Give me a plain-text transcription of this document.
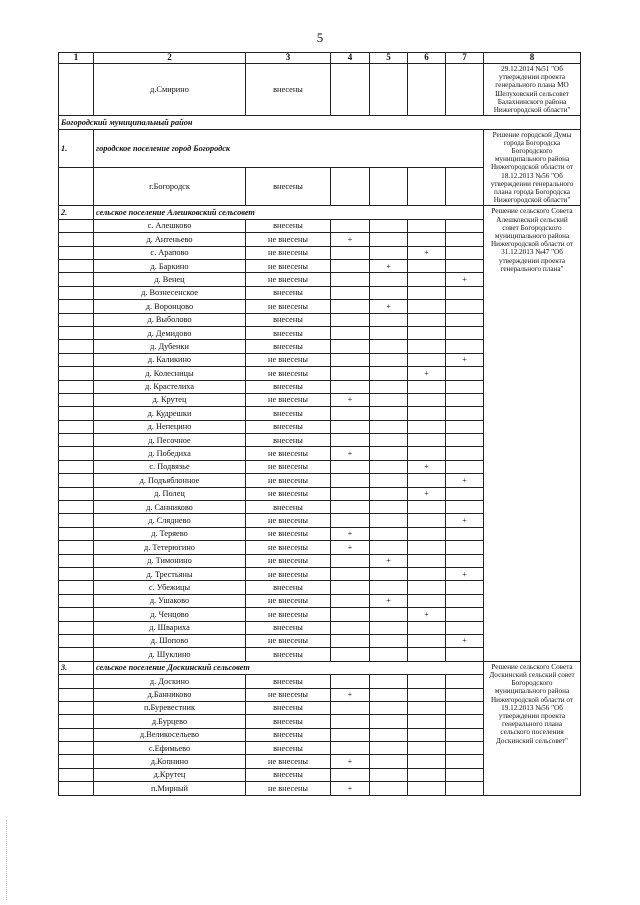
5
1	2	3	4	5	6	7	8
	д.Смирино	внесены					29.12.2014 №51 "Об утверждении проекта генерального плана МО Шелуховский сельсовет Балахнинского района Нижегородской области"
Богородский муниципальный район							
1.	городское поселение город Богородск						Решение городской Думы города Богородска Богородского муниципального района Нижегородской области от 18.12.2013 №56 "Об утверждении генерального плана города Богородска Нижегородской области"
	г.Богородск	внесены					
2.	сельское поселение Алешковский сельсовет						Решение сельского Совета Алешковский сельский совет Богородского муниципального района Нижегородской области от 31.12.2013 №47 "Об утверждении проекта генерального плана"
	с. Алешково	внесены					
	д. Антеньево	не внесены	+				
	с. Арапово	не внесены			+		
	д. Баркино	не внесены		+			
	д. Венец	не внесены				+	
	д. Вознесенское	внесены					
	д. Воронцово	не внесены		+			
	д. Выболово	внесены					
	д. Демидово	внесены					
	д. Дубенки	внесены					
	д. Каликино	не внесены				+	
	д. Колесницы	не внесены			+		
	д. Крастелиха	внесены					
	д. Крутец	не внесены	+				
	д. Кудрешки	внесены					
	д. Непецино	внесены					
	д. Песочное	внесены					
	д. Победиха	не внесены	+				
	с. Подвязье	не внесены			+		
	д. Подъяблонное	не внесены				+	
	д. Полец	не внесены			+		
	д. Санниково	внесены					
	д. Сляднево	не внесены				+	
	д. Теряево	не внесены	+				
	д. Тетерюгино	не внесены	+				
	д. Тимонино	не внесены		+			
	д. Трестьяны	не внесены				+	
	с. Убежицы	внесены					
	д. Ушаково	не внесены		+			
	д. Ченцово	не внесены			+		
	д. Швариха	внесены					
	д. Шопово	не внесены				+	
	д. Шуклино	внесены					
3.	сельское поселение Доскинский сельсовет						Решение сельского Совета Доскинский сельский совет Богородского муниципального района Нижегородской области от 19.12.2013 №56 "Об утверждении проекта генерального плана сельского поселения Доскинский сельсовет"
	д. Доскино	внесены					
	д.Банниково	не внесены	+				
	п.Буревестник	внесены					
	д.Бурцево	внесены					
	д.Великосельево	внесены					
	с.Ефимьево	внесены					
	д.Копнино	не внесены	+				
	д.Крутец	внесены					
	п.Мирный	не внесены	+				
